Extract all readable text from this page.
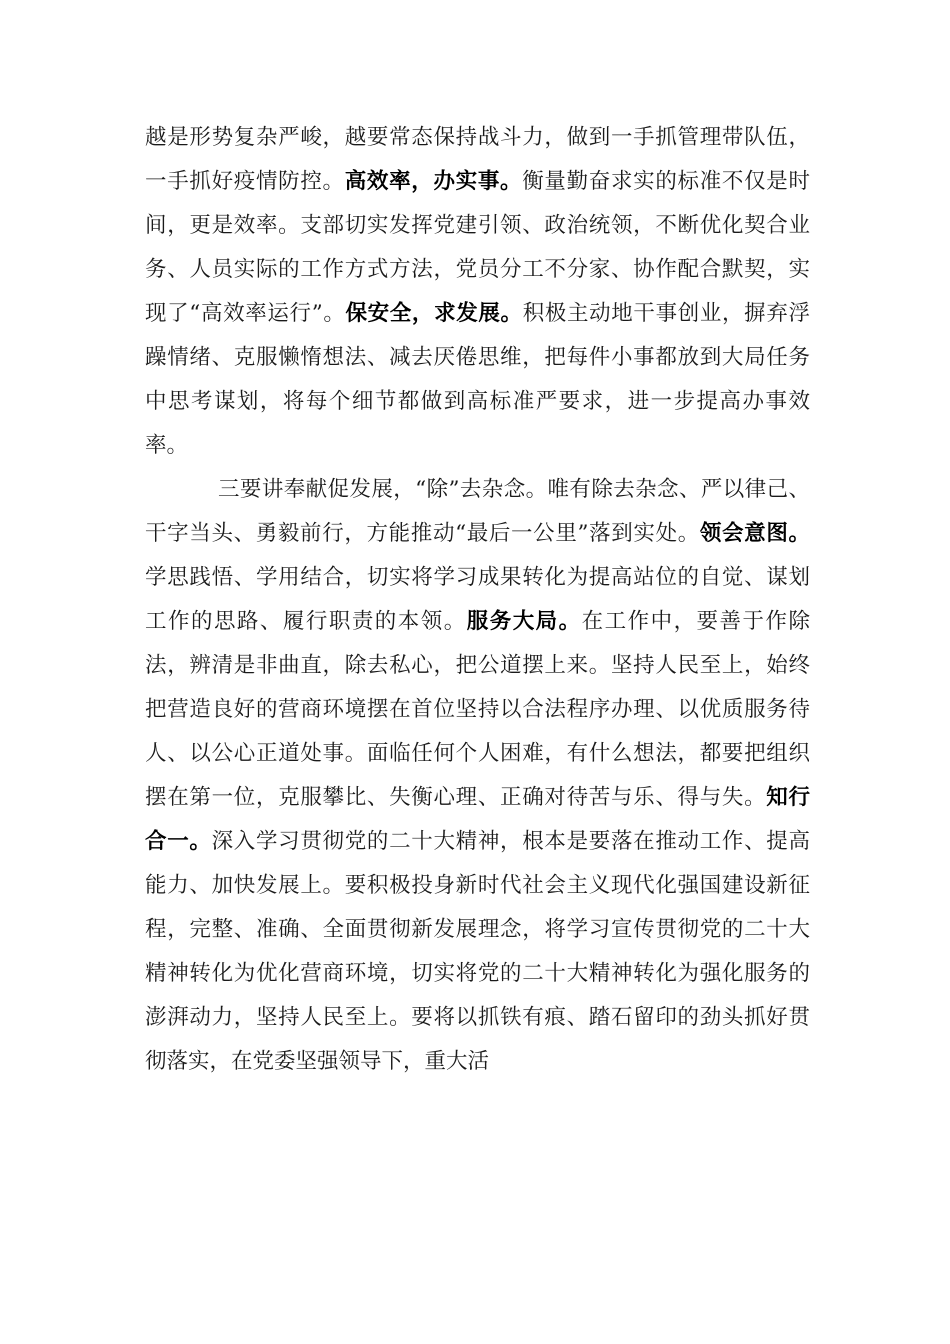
越是形势复杂严峻，越要常态保持战斗力，做到一手抓管理带队伍，一手抓好疫情防控。高效率，办实事。衡量勤奋求实的标准不仅是时间，更是效率。支部切实发挥党建引领、政治统领，不断优化契合业务、人员实际的工作方式方法，党员分工不分家、协作配合默契，实现了“高效率运行”。保安全，求发展。积极主动地干事创业，摒弃浮躁情绪、克服懒惰想法、减去厌倦思维，把每件小事都放到大局任务中思考谋划，将每个细节都做到高标准严要求，进一步提高办事效率。

三要讲奉献促发展，“除”去杂念。唯有除去杂念、严以律己、干字当头、勇毅前行，方能推动“最后一公里”落到实处。领会意图。学思践悟、学用结合，切实将学习成果转化为提高站位的自觉、谋划工作的思路、履行职责的本领。服务大局。在工作中，要善于作除法，辨清是非曲直，除去私心，把公道摆上来。坚持人民至上，始终把营造良好的营商环境摆在首位坚持以合法程序办理、以优质服务待人、以公心正道处事。面临任何个人困难，有什么想法，都要把组织摆在第一位，克服攀比、失衡心理、正确对待苦与乐、得与失。知行合一。深入学习贯彻党的二十大精神，根本是要落在推动工作、提高能力、加快发展上。要积极投身新时代社会主义现代化强国建设新征程，完整、准确、全面贯彻新发展理念，将学习宣传贯彻党的二十大精神转化为优化营商环境，切实将党的二十大精神转化为强化服务的澎湃动力，坚持人民至上。要将以抓铁有痕、踏石留印的劲头抓好贯彻落实，在党委坚强领导下，重大活
